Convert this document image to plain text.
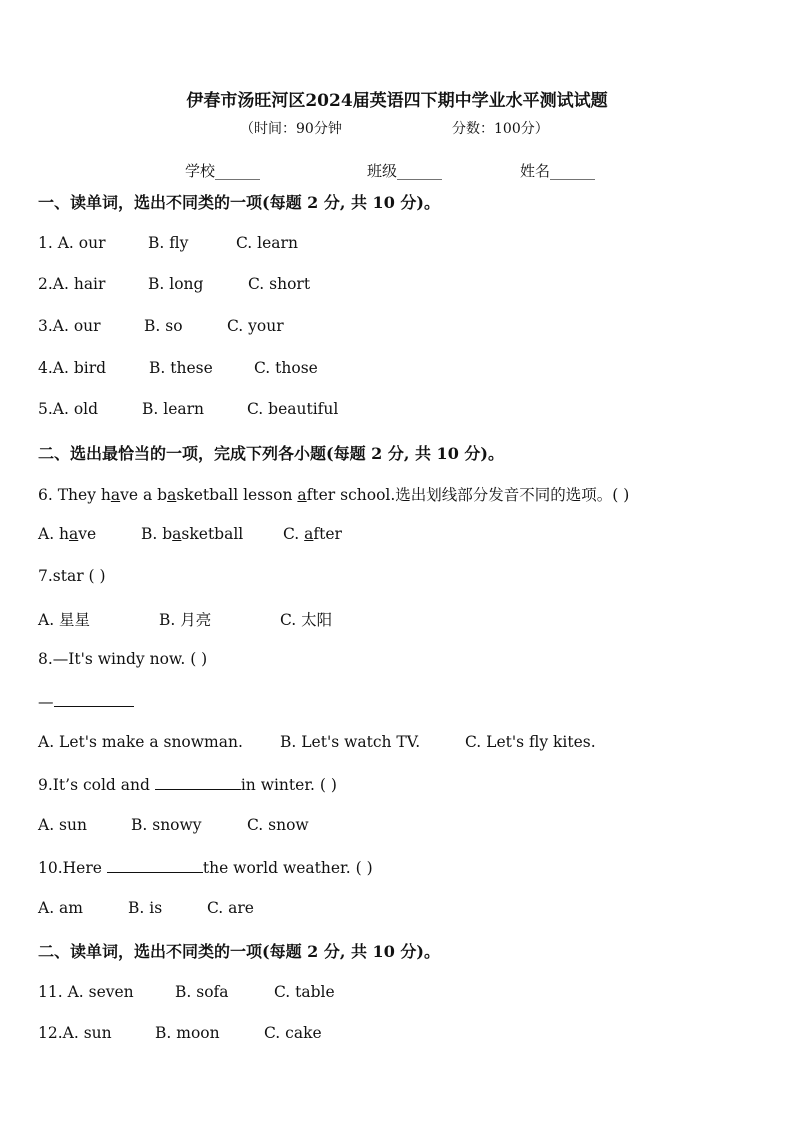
伊春市汤旺河区2024届英语四下期中学业水平测试试题
（时间：90分钟	分数：100分）
学校______	班级______	姓名______
一、读单词，选出不同类的一项(每题 2 分, 共 10 分)。
1. A. our	B. fly	C. learn
2.A. hair	B. long	C. short
3.A. our	B. so	C. your
4.A. bird	B. these	C. those
5.A. old	B. learn	C. beautiful
二、选出最恰当的一项，完成下列各小题(每题 2 分, 共 10 分)。
6. They have a basketball lesson after school.选出划线部分发音不同的选项。( )
A. have	B. basketball	C. after
7.star ( )
A. 星星	B. 月亮	C. 太阳
8.—It's windy now. ( )
—
A. Let's make a snowman. B. Let's watch TV.	C. Let's fly kites.
9.It’s cold and	in winter. ( )
A. sun	B. snowy	C. snow
10.Here	the world weather. ( )
A. am	B. is	C. are
二、读单词，选出不同类的一项(每题 2 分, 共 10 分)。
11. A. seven	B. sofa	C. table
12.A. sun	B. moon	C. cake
